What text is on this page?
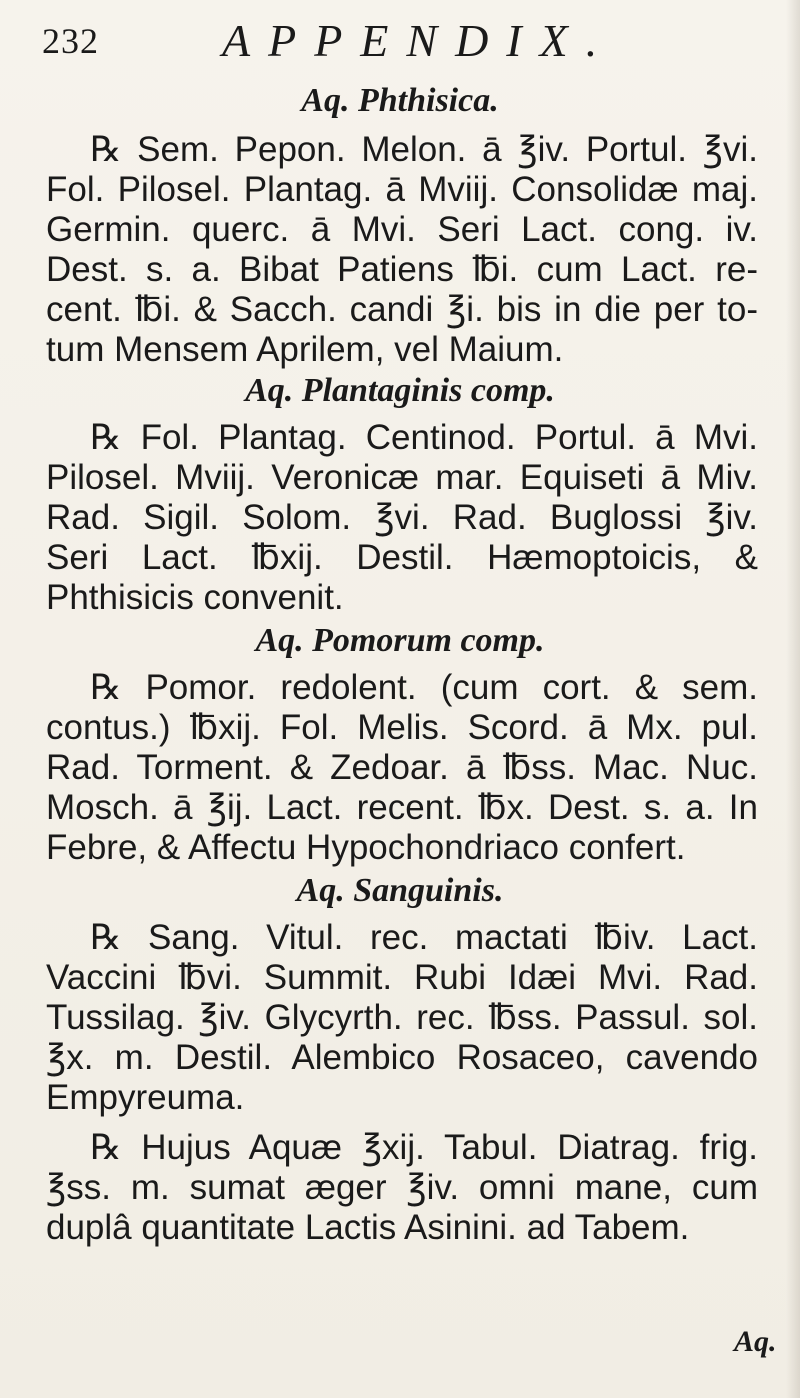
232	APPENDIX.
Aq. Phthisica.
℞ Sem. Pepon. Melon. ā ℥iv. Portul. ℥vi.
Fol. Pilosel. Plantag. ā Mviij. Consolidæ maj.
Germin. querc. ā Mvi. Seri Lact. cong. iv.
Dest. s. a. Bibat Patiens ℔i. cum Lact. re-
cent. ℔i. & Sacch. candi ℥i. bis in die per to-
tum Mensem Aprilem, vel Maium.
Aq. Plantaginis comp.
℞ Fol. Plantag. Centinod. Portul. ā Mvi.
Pilosel. Mviij. Veronicæ mar. Equiseti ā Miv.
Rad. Sigil. Solom. ℥vi. Rad. Buglossi ℥iv.
Seri Lact. ℔xij. Destil. Hæmoptoicis, &
Phthisicis convenit.
Aq. Pomorum comp.
℞ Pomor. redolent. (cum cort. & sem.
contus.) ℔xij. Fol. Melis. Scord. ā Mx. pul.
Rad. Torment. & Zedoar. ā ℔ss. Mac. Nuc.
Mosch. ā ℥ij. Lact. recent. ℔x. Dest. s. a. In
Febre, & Affectu Hypochondriaco confert.
Aq. Sanguinis.
℞ Sang. Vitul. rec. mactati ℔iv. Lact.
Vaccini ℔vi. Summit. Rubi Idæi Mvi. Rad.
Tussilag. ℥iv. Glycyrth. rec. ℔ss. Passul. sol.
℥x. m. Destil. Alembico Rosaceo, cavendo
Empyreuma.
℞ Hujus Aquæ ℥xij. Tabul. Diatrag. frig.
℥ss. m. sumat æger ℥iv. omni mane, cum
duplâ quantitate Lactis Asinini. ad Tabem.
Aq.
